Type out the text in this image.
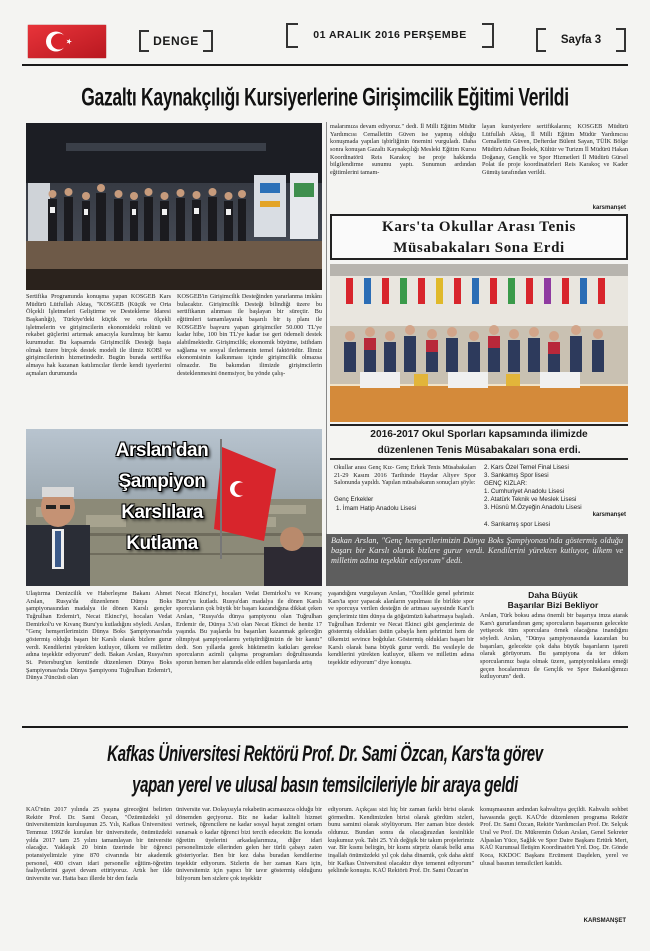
DENGE	01 ARALIK 2016 PERŞEMBE	Sayfa 3
Gazaltı Kaynakçılığı Kursiyerlerine Girişimcilik Eğitimi Verildi
Sertifika Programında konuşma yapan KOSGEB Kars Müdürü Lütfullah Aktaş, "KOSGEB (Küçük ve Orta Ölçekli İşletmeleri Geliştirme ve Destekleme İdaresi Başkanlığı), Türkiye'deki küçük ve orta ölçekli işletmelerin ve girişimcilerin ekonomideki rolünü ve rekabet güçlerini artırmak amacıyla kurulmuş bir kamu kurumudur. Bu kapsamda Girişimcilik Desteği başta olmak üzere birçok destek modeli ile ilimiz KOBİ ve girişimcilerinin hizmetindedir. Bugün burada sertifika almaya hak kazanan katılımcılar ilerde kendi işyerlerini açmaları durumunda
KOSGEB'in Girişimcilik Desteğinden yararlanma imkânı bulacaktır. Girişimcilik Desteği bilindiği üzere bu sertifikanın alınması ile başlayan bir süreçtir. Bu eğitimleri tamamlayarak başarılı bir iş planı ile KOSGEB'e başvuru yapan girişimciler 50.000 TL'ye kadar hibe, 100 bin TL'ye kadar ise geri ödemeli destek alabilmektedir. Girişimcilik; ekonomik büyüme, istihdam sağlama ve sosyal ilerlemenin temel faktörüdür. İlimiz ekonomisinin kalkınması içinde girişimcilik olmazsa olmazdır. Bu bakımdan ilimizde girişimcilerin desteklenmesini önemsiyor, bu yönde çalış-
malarımıza devam ediyoruz." dedi. İl Milli Eğitim Müdür Yardımcısı Cemallettin Güven ise yapmış olduğu konuşmada yapılan işbirliğinin önemini vurguladı. Daha sonra konuşan Gazaltı Kaynakçılığı Mesleki Eğitim Kursu Koordinatörü Reis Karakoç ise proje hakkında bilgilendirme sunumu yaptı. Sunumun ardından eğitimlerini tamam-
layan kursiyerlere sertifikalarını; KOSGEB Müdürü Lütfullah Aktaş, İl Milli Eğitim Müdür Yardımcısı Cemallettin Güven, Defterdar Bülent Sayan, TÜİK Bölge Müdürü Adnan İbolek, Kültür ve Turizm İl Müdürü Hakan Doğanay, Gençlik ve Spor Hizmetleri İl Müdürü Gürsel Polat ile proje koordinatörleri Reis Karakoç ve Kader Gümüş tarafından verildi.
karsmanşet
Kars'ta Okullar Arası Tenis
Müsabakaları Sona Erdi
2016-2017 Okul Sporları kapsamında ilimizde
düzenlenen Tenis Müsabakaları sona erdi.
Okullar arası Genç Kız- Genç Erkek Tenis Müsabakaları 21-29 Kasım 2016 Tarihinde Haydar Aliyev Spor Salonunda yapıldı. Yapılan müsabakanın sonuçları şöyle:
Genç Erkekler
1. İmam Hatip Anadolu Lisesi
2. Kars Özel Temel Final Lisesi
3. Sankamış Spor lisesi
GENÇ KIZLAR:
1. Cumhuriyet Anadolu Lisesi
2. Atatürk Teknik ve Meslek Lisesi
3. Hüsnü M.Özyeğin Anadolu Lisesi
4. Sarıkamış spor Lisesi
karsmanşet
Arslan'dan
Şampiyon
Karslılara
Kutlama	Bakan Arslan, "Genç hemşerilerimizin Dünya Boks Şampiyonası'nda göstermiş olduğu başarı bir Karslı olarak bizlere gurur verdi. Kendilerini yürekten kutluyor, ülkem ve milletim adına teşekkür ediyorum" dedi.
Ulaştırma Denizcilik ve Haberleşme Bakanı Ahmet Arslan, Rusya'da düzenlenen Dünya Boks şampiyonasından madalya ile dönen Karslı gençler Tuğrulhan Erdemir'i, Necat Ekinci'yi, hocaları Vedat Demirkol'u ve Kıvanç Buru'yu kutladığını söyledi. Arslan, "Genç hemşerilerimizin Dünya Boks Şampiyonası'nda göstermiş olduğu başarı bir Karslı olarak bizlere gurur verdi. Kendilerini yürekten kutluyor, ülkem ve milletim adına teşekkür ediyorum" dedi. Bakan Arslan, Rusya'nın St. Petersburg'un kentinde düzenlenen Dünya Boks Şampiyonası'nda Dünya Şampiyonu Tuğrulhan Erdemir'i, Dünya 3'üncüsü olan
Necat Ekinci'yi, hocaları Vedat Demirkol'u ve Kıvanç Buru'yu kutladı. Rusya'dan madalya ile dönen Karslı sporcuların çok büyük bir başarı kazandığına dikkat çeken Arslan, "Rusya'da dünya şampiyonu olan Tuğrulhan Erdemir de, Dünya 3.'sü olan Necat Ekinci de henüz 17 yaşında. Bu yaşlarda bu başarıları kazanmak geleceğin olimpiyat şampiyonlarını yetiştirdiğimizin de bir kanıtı" dedi. Son yıllarda gerek hükümetin katkıları gerekse sporcuların azimli çalışma programları doğrultusunda sporun hemen her alanında elde edilen başarılarda artış
yaşandığını vurgulayan Arslan, "Özellikle genel şehrimiz Kars'ta spor yapacak alanların yapılması ile birlikte spor ve sporcuya verilen desteğin de artması sayesinde Kars'lı gençlerimiz tüm dünya da göğsümüzü kabartmaya başladı. Tuğrulhan Erdemir ve Necat Ekinci gibi gençlerimiz de göstermiş oldukları üstün çabayla hem şehrimizi hem de ülkemizi sevince boğdular. Göstermiş oldukları başarı bir Karslı olarak bana büyük gurur verdi. Bu vesileyle de kendilerini yürekten kutluyor, ülkem ve milletim adına teşekkür ediyorum" diye konuştu.
Daha Büyük
Başarılar Bizi Bekliyor
Arslan, Türk boksu adına önemli bir başarıya imza atarak Kars'ı gururlandıran genç sporcuların başarısının gelecekte yetişecek tüm sporculara örnek olacağına inandığını söyledi. Arslan, "Dünya şampiyonasında kazanılan bu başarıları, gelecekte çok daha büyük başarıların işareti olarak görüyorum. Bu şampiyona da ter döken sporcularımız başta olmak üzere, şampiyonluklara emeği geçen hocalarımızı ile Gençlik ve Spor Bakanlığımızı kutluyorum" dedi.
Kafkas Üniversitesi Rektörü Prof. Dr. Sami Özcan, Kars'ta görev
yapan yerel ve ulusal basın temsilcileriyle bir araya geldi
KAÜ'nün 2017 yılında 25 yaşına gireceğini belirten Rektör Prof. Dr. Sami Özcan, "Özümüzdeki yıl üniversitemizin kuruluşunun 25. Yılı, Kafkas Üniversitesi Temmuz 1992'de kurulan bir üniversitede, önümüzdeki yılda 2017 tam 25 yılını tamamlayan bir üniversite olacağız. Yaklaşık 20 binin üzerinde bir öğrenci potansiyelimizle yine 870 civarında bir akademik personel, 400 civarı idari personelle eğitim-öğretim faaliyetlerini gayet devam ettiriyoruz. Artık her ilde üniversite var. Hatta bazı illerde bir den fazla
üniversite var. Dolayısıyla rekabetin acımasızca olduğu bir dönemden geçiyoruz. Biz ne kadar kaliteli hizmet verirsek, öğrencilere ne kadar sosyal hayat zengini ortam sunarsak o kadar öğrenci bizi tercih edecektir. Bu konuda öğretim üyelerini arkadaşlarımıza, diğer idari personelimizde ellerinden gelen her türlü çabayı zaten gösteriyorlar. Ben bir kez daha buradan kendilerine teşekkür ediyorum. Sizlerin de her zaman Kars için, üniversitemiz için yapıcı bir tavır göstermiş olduğunu biliyorum ben sizlere çok teşekkür
ediyorum. Açıkçası sizi hiç bir zaman farklı birisi olarak görmedim. Kendimizden birisi olarak gördüm sizleri, bunu samimi olarak söylüyorum. Her zaman bize destek oldunuz. Bundan sonra da olacağınızdan kesinlikle kuşkumuz yok. Tabi 25. Yılı değişik bir takım projelerimiz var. Bir kısmı belirgin, bir kısmı sürpriz olarak belki ama inşallah önümüzdeki yıl çok daha dinamik, çok daha aktif bir Kafkas Üniversitesi olacaktır diye temenni ediyorum" şeklinde konuştu. KAÜ Rektörü Prof. Dr. Sami Özcan'ın
konuşmasının ardından kahvaltıya geçildi. Kahvaltı sohbet havasında geçti. KAÜ'de düzenlenen programa Rektör Prof. Dr. Sami Özcan, Rektör Yardımcıları Prof. Dr. Selçuk Ural ve Prof. Dr. Mükremin Özkan Arslan, Genel Sekreter Alpaslan Yüce, Sağlık ve Spor Daire Başkanı Ertürk Mert, KAÜ Kurumsal İletişim Koordinatörü Yrd. Doç. Dr. Gönde Koca, KKDOC Başkanı Ercüment Daşdelen, yerel ve ulusal basının temsilcileri katıldı.
KARSMANŞET
